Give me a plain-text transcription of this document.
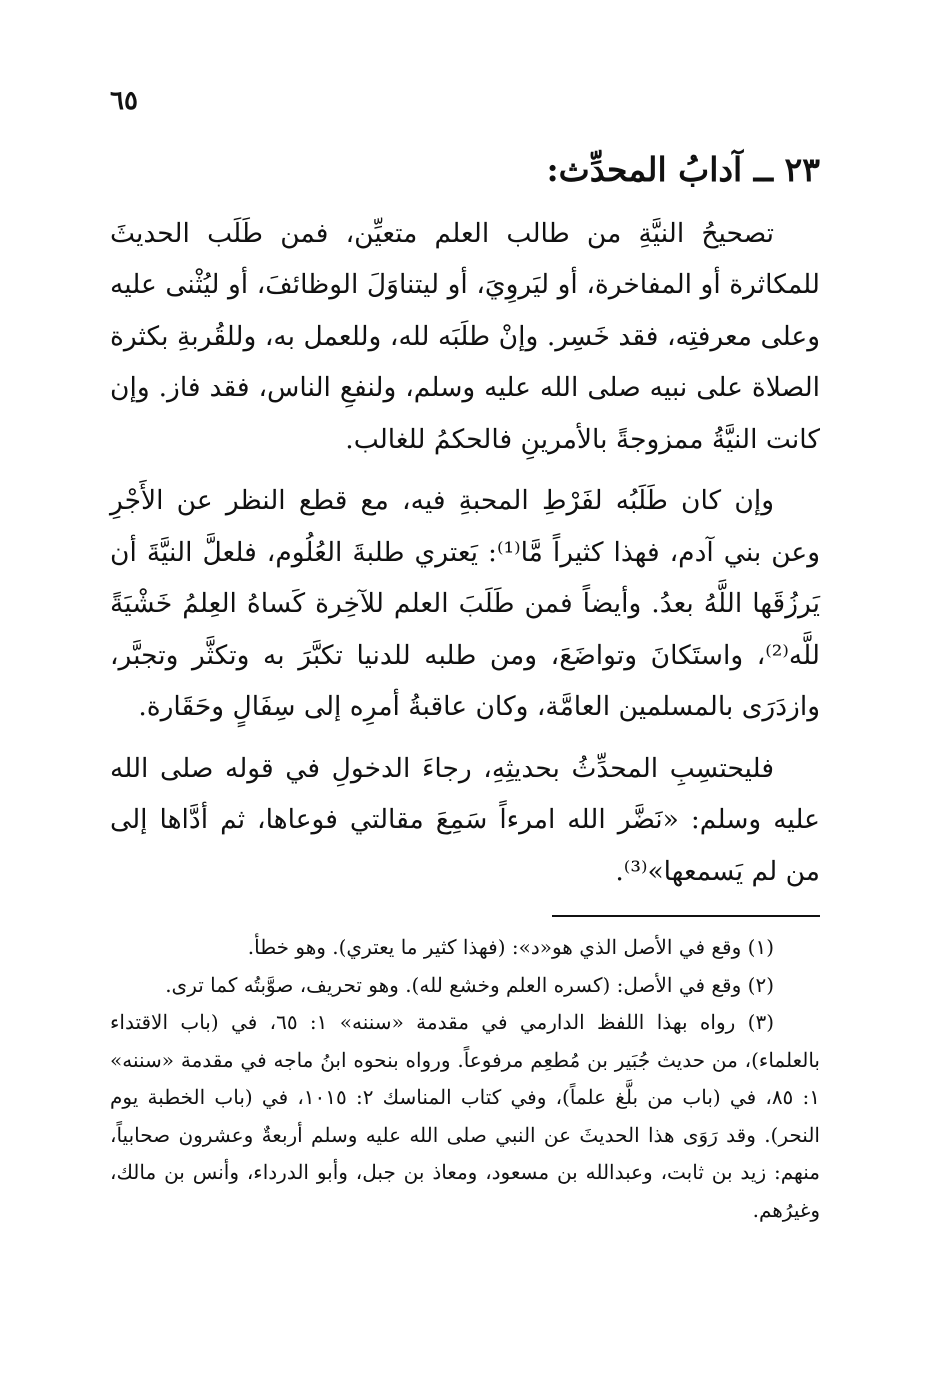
٦٥
٢٣ ــ آدابُ المحدِّث:

تصحيحُ النيَّةِ من طالب العلم متعيِّن، فمن طَلَب الحديثَ للمكاثرة أو المفاخرة، أو ليَروِيَ، أو ليتناوَلَ الوظائفَ، أو ليُثْنى عليه وعلى معرفتِه، فقد خَسِر. وإنْ طلَبَه لله، وللعمل به، وللقُربةِ بكثرة الصلاة على نبيه صلى الله عليه وسلم، ولنفعِ الناس، فقد فاز. وإن كانت النيَّةُ ممزوجةً بالأمرينِ فالحكمُ للغالب.

وإن كان طَلَبُه لفَرْطِ المحبةِ فيه، مع قطع النظر عن الأَجْرِ وعن بني آدم، فهذا كثيراً مَّا⁽¹⁾: يَعتري طلبةَ العُلُوم، فلعلَّ النيَّةَ أن يَرزُقَها اللَّهُ بعدُ. وأيضاً فمن طَلَبَ العلم للآخِرة كَساهُ العِلمُ خَشْيَةً للَّه⁽²⁾، واستَكانَ وتواضَعَ، ومن طلبه للدنيا تكبَّرَ به وتكثَّر وتجبَّر، وازدَرَى بالمسلمين العامَّة، وكان عاقبةُ أمرِه إلى سِفَالٍ وحَقَارة.

فليحتسِبِ المحدِّثُ بحديثِهِ، رجاءَ الدخولِ في قوله صلى الله عليه وسلم: «نَضَّر الله امرءاً سَمِعَ مقالتي فوعاها، ثم أدَّاها إلى من لم يَسمعها»⁽³⁾.

(١) وقع في الأصل الذي هو«د»: (فهذا كثير ما يعتري). وهو خطأ.

(٢) وقع في الأصل: (كسره العلم وخشع لله). وهو تحريف، صوَّبتُه كما ترى.

(٣) رواه بهذا اللفظ الدارمي في مقدمة «سننه» ١: ٦٥، في (باب الاقتداء بالعلماء)، من حديث جُبَير بن مُطعِم مرفوعاً. ورواه بنحوه ابنُ ماجه في مقدمة «سننه» ١: ٨٥، في (باب من بلَّغ علماً)، وفي كتاب المناسك ٢: ١٠١٥، في (باب الخطبة يوم النحر). وقد رَوَى هذا الحديثَ عن النبي صلى الله عليه وسلم أربعةٌ وعشرون صحابياً، منهم: زيد بن ثابت، وعبدالله بن مسعود، ومعاذ بن جبل، وأبو الدرداء، وأنس بن مالك، وغيرُهم.
